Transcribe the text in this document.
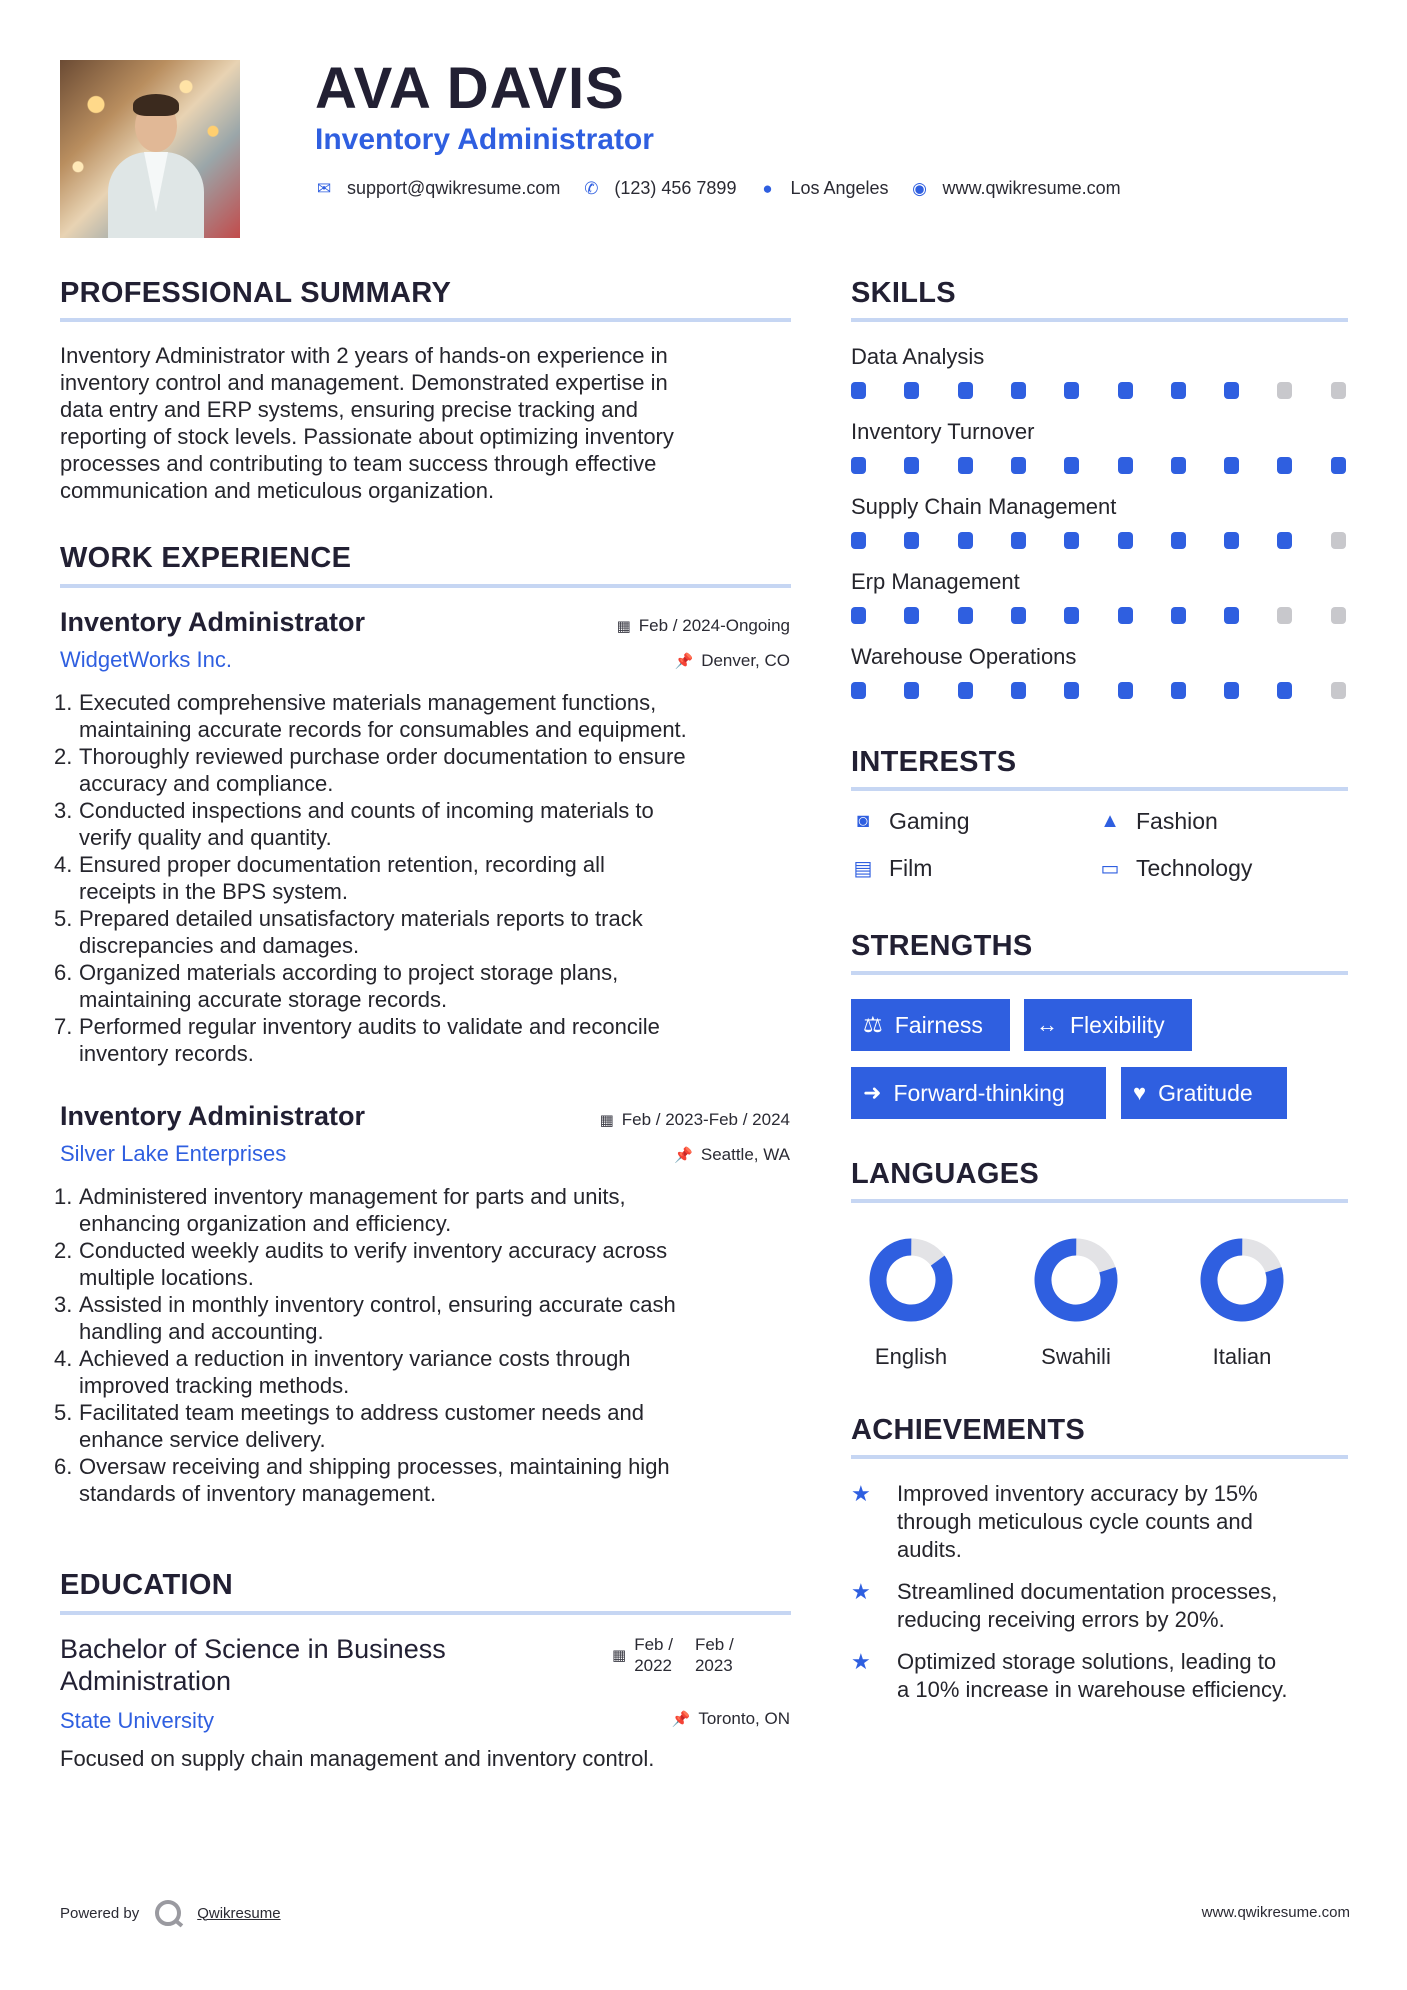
AVA DAVIS
Inventory Administrator
✉ support@qwikresume.com ✆ (123) 456 7899 ● Los Angeles ◉ www.qwikresume.com
PROFESSIONAL SUMMARY
Inventory Administrator with 2 years of hands-on experience in
inventory control and management. Demonstrated expertise in
data entry and ERP systems, ensuring precise tracking and
reporting of stock levels. Passionate about optimizing inventory
processes and contributing to team success through effective
communication and meticulous organization.
WORK EXPERIENCE
Inventory Administrator	▦ Feb / 2024-Ongoing
WidgetWorks Inc.	📌 Denver, CO
1. Executed comprehensive materials management functions,
maintaining accurate records for consumables and equipment.
2. Thoroughly reviewed purchase order documentation to ensure
accuracy and compliance.
3. Conducted inspections and counts of incoming materials to
verify quality and quantity.
4. Ensured proper documentation retention, recording all
receipts in the BPS system.
5. Prepared detailed unsatisfactory materials reports to track
discrepancies and damages.
6. Organized materials according to project storage plans,
maintaining accurate storage records.
7. Performed regular inventory audits to validate and reconcile
inventory records.
Inventory Administrator	▦ Feb / 2023-Feb / 2024
Silver Lake Enterprises	📌 Seattle, WA
1. Administered inventory management for parts and units,
enhancing organization and efficiency.
2. Conducted weekly audits to verify inventory accuracy across
multiple locations.
3. Assisted in monthly inventory control, ensuring accurate cash
handling and accounting.
4. Achieved a reduction in inventory variance costs through
improved tracking methods.
5. Facilitated team meetings to address customer needs and
enhance service delivery.
6. Oversaw receiving and shipping processes, maintaining high
standards of inventory management.
EDUCATION
Bachelor of Science in Business
Administration
▦
Feb /
2022
Feb /
2023
State University	📌 Toronto, ON
Focused on supply chain management and inventory control.
SKILLS
Data Analysis
Inventory Turnover
Supply Chain Management
Erp Management
Warehouse Operations
INTERESTS
◙ Gaming	▲ Fashion
▤ Film	▭ Technology
STRENGTHS
⚖ Fairness ↔ Flexibility
➜ Forward-thinking	♥ Gratitude
LANGUAGES
English	Swahili	Italian
ACHIEVEMENTS
★	Improved inventory accuracy by 15%
through meticulous cycle counts and
audits.
★	Streamlined documentation processes,
reducing receiving errors by 20%.
★	Optimized storage solutions, leading to
a 10% increase in warehouse efficiency.
Powered by	Qwikresume	www.qwikresume.com
